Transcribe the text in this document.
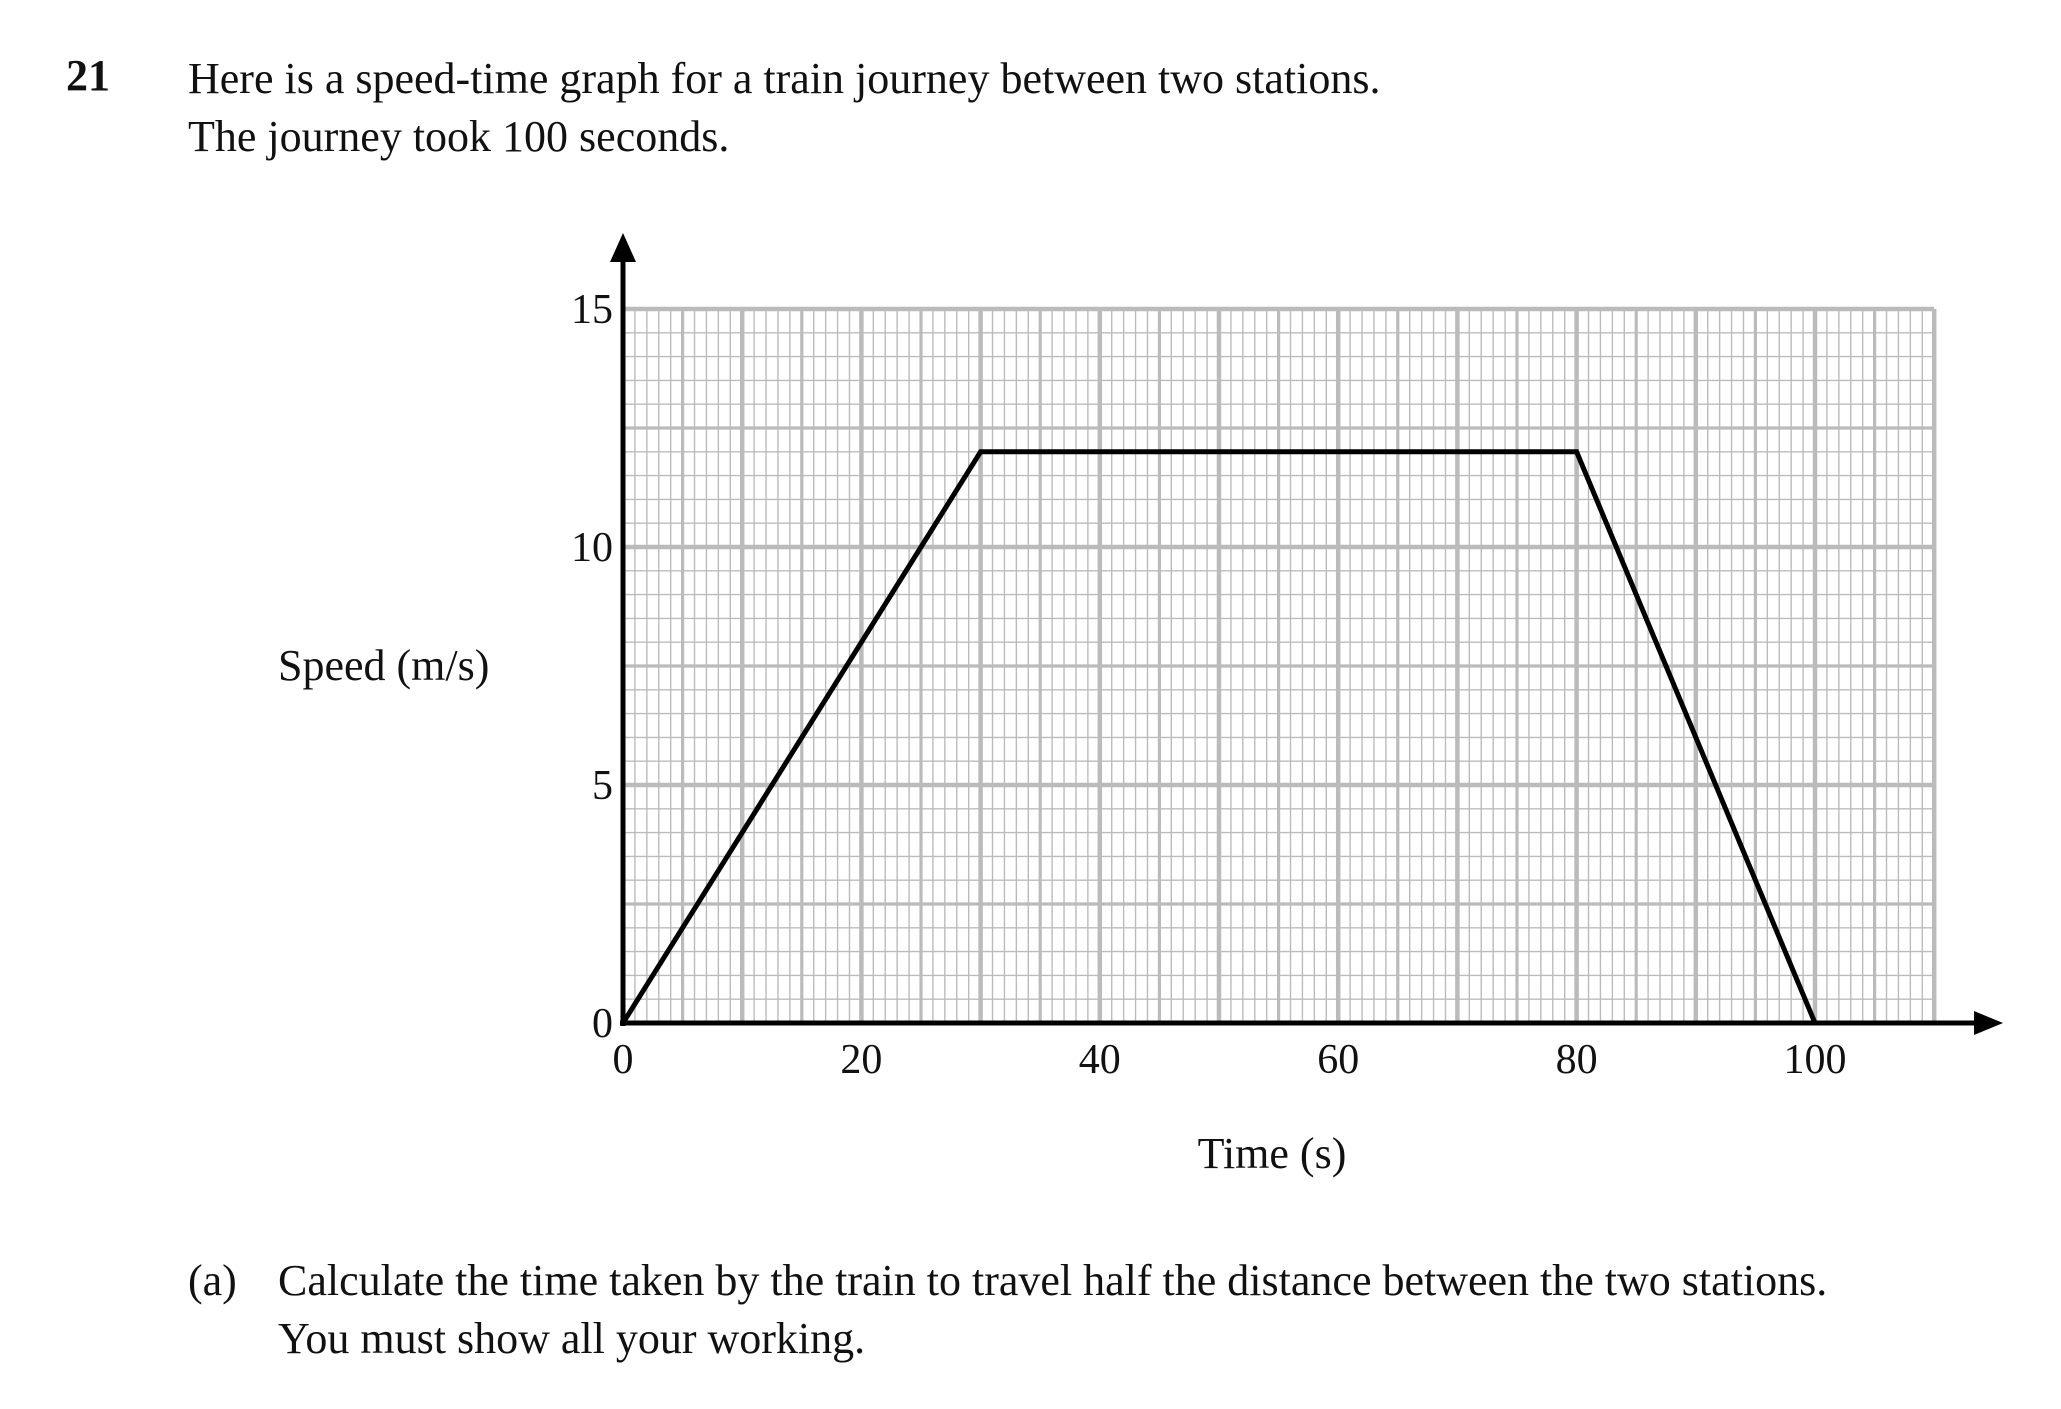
21 Here is a speed-time graph for a train journey between two stations.
The journey took 100 seconds.
0	20	40	60	80	100
0
5
10
15
Speed (m/s)
Time (s)
(a) Calculate the time taken by the train to travel half the distance between the two stations.
You must show all your working.
